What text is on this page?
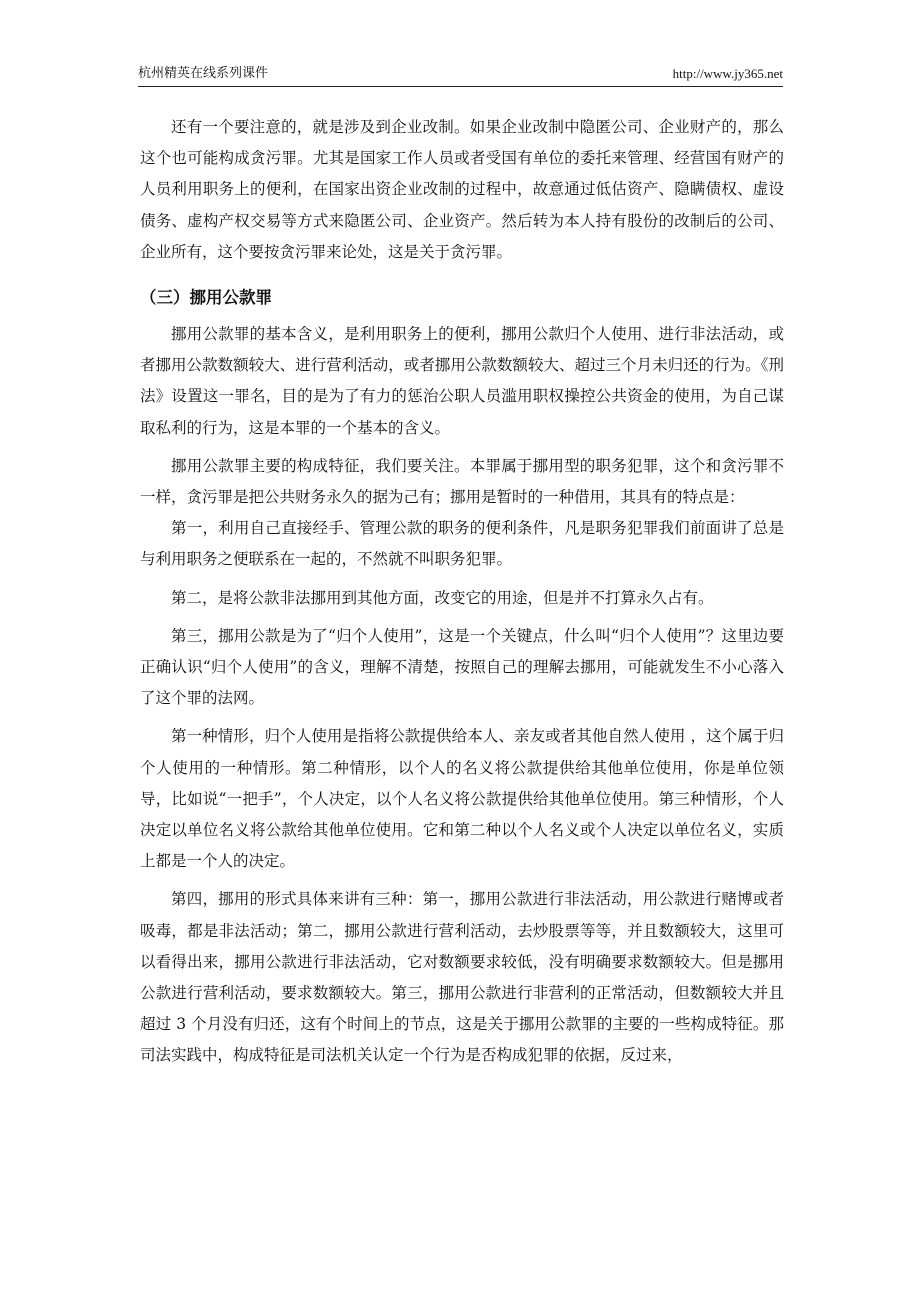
杭州精英在线系列课件	http://www.jy365.net

还有一个要注意的，就是涉及到企业改制。如果企业改制中隐匿公司、企业财产的，那么这个也可能构成贪污罪。尤其是国家工作人员或者受国有单位的委托来管理、经营国有财产的人员利用职务上的便利，在国家出资企业改制的过程中，故意通过低估资产、隐瞒债权、虚设债务、虚构产权交易等方式来隐匿公司、企业资产。然后转为本人持有股份的改制后的公司、企业所有，这个要按贪污罪来论处，这是关于贪污罪。

（三）挪用公款罪

挪用公款罪的基本含义，是利用职务上的便利，挪用公款归个人使用、进行非法活动，或者挪用公款数额较大、进行营利活动，或者挪用公款数额较大、超过三个月未归还的行为。《刑法》设置这一罪名，目的是为了有力的惩治公职人员滥用职权操控公共资金的使用，为自己谋取私利的行为，这是本罪的一个基本的含义。

挪用公款罪主要的构成特征，我们要关注。本罪属于挪用型的职务犯罪，这个和贪污罪不一样，贪污罪是把公共财务永久的据为己有；挪用是暂时的一种借用，其具有的特点是：

第一，利用自己直接经手、管理公款的职务的便利条件，凡是职务犯罪我们前面讲了总是与利用职务之便联系在一起的，不然就不叫职务犯罪。

第二，是将公款非法挪用到其他方面，改变它的用途，但是并不打算永久占有。

第三，挪用公款是为了“归个人使用”，这是一个关键点，什么叫“归个人使用”？这里边要正确认识“归个人使用”的含义，理解不清楚，按照自己的理解去挪用，可能就发生不小心落入了这个罪的法网。

第一种情形，归个人使用是指将公款提供给本人、亲友或者其他自然人使用 ，这个属于归个人使用的一种情形。第二种情形，以个人的名义将公款提供给其他单位使用，你是单位领导，比如说“一把手”，个人决定，以个人名义将公款提供给其他单位使用。第三种情形，个人决定以单位名义将公款给其他单位使用。它和第二种以个人名义或个人决定以单位名义，实质上都是一个人的决定。

第四，挪用的形式具体来讲有三种：第一，挪用公款进行非法活动，用公款进行赌博或者吸毒，都是非法活动；第二，挪用公款进行营利活动，去炒股票等等，并且数额较大，这里可以看得出来，挪用公款进行非法活动，它对数额要求较低，没有明确要求数额较大。但是挪用公款进行营利活动，要求数额较大。第三，挪用公款进行非营利的正常活动，但数额较大并且超过 3 个月没有归还，这有个时间上的节点，这是关于挪用公款罪的主要的一些构成特征。那司法实践中，构成特征是司法机关认定一个行为是否构成犯罪的依据，反过来，
